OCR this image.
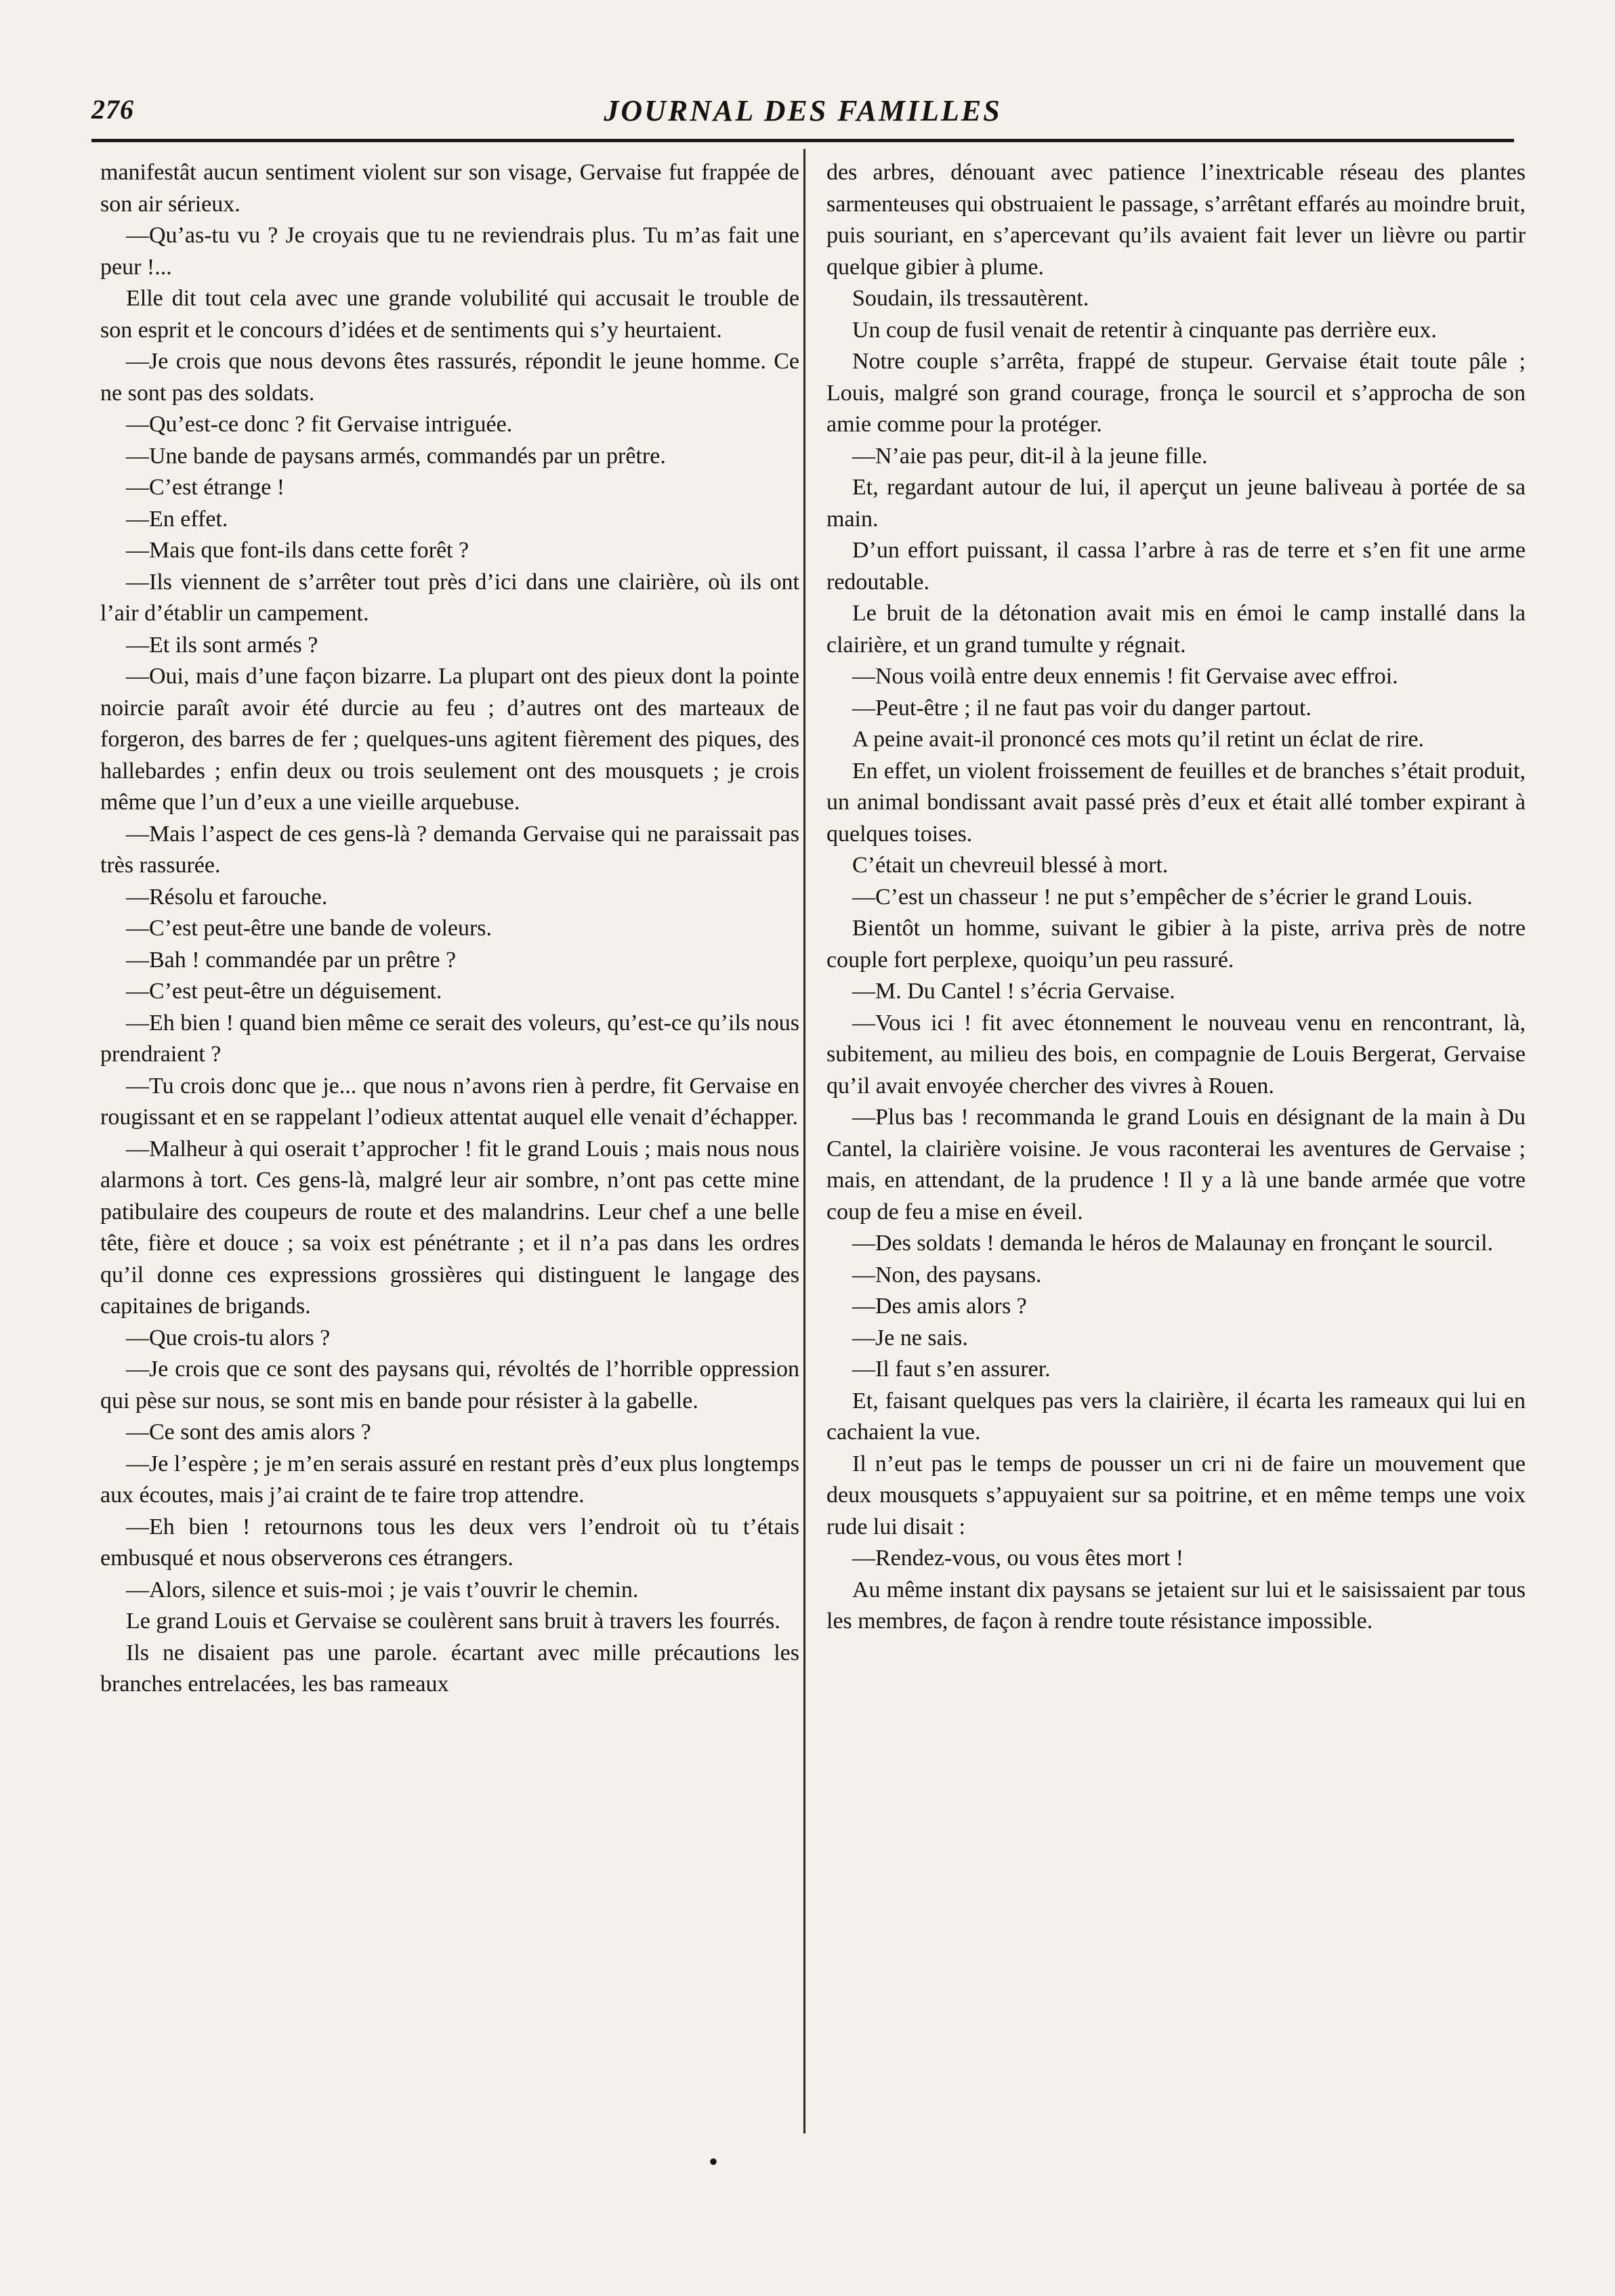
276	JOURNAL DES FAMILLES

manifestât aucun sentiment violent sur son visage, Gervaise fut frappée de son air sérieux.

—Qu’as-tu vu ? Je croyais que tu ne reviendrais plus. Tu m’as fait une peur !...

Elle dit tout cela avec une grande volubilité qui accusait le trouble de son esprit et le concours d’idées et de sentiments qui s’y heurtaient.

—Je crois que nous devons êtes rassurés, répondit le jeune homme. Ce ne sont pas des soldats.

—Qu’est-ce donc ? fit Gervaise intriguée.

—Une bande de paysans armés, commandés par un prêtre.

—C’est étrange !

—En effet.

—Mais que font-ils dans cette forêt ?

—Ils viennent de s’arrêter tout près d’ici dans une clairière, où ils ont l’air d’établir un campement.

—Et ils sont armés ?

—Oui, mais d’une façon bizarre. La plupart ont des pieux dont la pointe noircie paraît avoir été durcie au feu ; d’autres ont des marteaux de forgeron, des barres de fer ; quelques-uns agitent fièrement des piques, des hallebardes ; enfin deux ou trois seulement ont des mousquets ; je crois même que l’un d’eux a une vieille arquebuse.

—Mais l’aspect de ces gens-là ? demanda Gervaise qui ne paraissait pas très rassurée.

—Résolu et farouche.

—C’est peut-être une bande de voleurs.

—Bah ! commandée par un prêtre ?

—C’est peut-être un déguisement.

—Eh bien ! quand bien même ce serait des voleurs, qu’est-ce qu’ils nous prendraient ?

—Tu crois donc que je... que nous n’avons rien à perdre, fit Gervaise en rougissant et en se rappelant l’odieux attentat auquel elle venait d’échapper.

—Malheur à qui oserait t’approcher ! fit le grand Louis ; mais nous nous alarmons à tort. Ces gens-là, malgré leur air sombre, n’ont pas cette mine patibulaire des coupeurs de route et des malandrins. Leur chef a une belle tête, fière et douce ; sa voix est pénétrante ; et il n’a pas dans les ordres qu’il donne ces expressions grossières qui distinguent le langage des capitaines de brigands.

—Que crois-tu alors ?

—Je crois que ce sont des paysans qui, révoltés de l’horrible oppression qui pèse sur nous, se sont mis en bande pour résister à la gabelle.

—Ce sont des amis alors ?

—Je l’espère ; je m’en serais assuré en restant près d’eux plus longtemps aux écoutes, mais j’ai craint de te faire trop attendre.

—Eh bien ! retournons tous les deux vers l’endroit où tu t’étais embusqué et nous observerons ces étrangers.

—Alors, silence et suis-moi ; je vais t’ouvrir le chemin.

Le grand Louis et Gervaise se coulèrent sans bruit à travers les fourrés.

Ils ne disaient pas une parole. écartant avec mille précautions les branches entrelacées, les bas rameaux

des arbres, dénouant avec patience l’inextricable réseau des plantes sarmenteuses qui obstruaient le passage, s’arrêtant effarés au moindre bruit, puis souriant, en s’apercevant qu’ils avaient fait lever un lièvre ou partir quelque gibier à plume.

Soudain, ils tressautèrent.

Un coup de fusil venait de retentir à cinquante pas derrière eux.

Notre couple s’arrêta, frappé de stupeur. Gervaise était toute pâle ; Louis, malgré son grand courage, fronça le sourcil et s’approcha de son amie comme pour la protéger.

—N’aie pas peur, dit-il à la jeune fille.

Et, regardant autour de lui, il aperçut un jeune baliveau à portée de sa main.

D’un effort puissant, il cassa l’arbre à ras de terre et s’en fit une arme redoutable.

Le bruit de la détonation avait mis en émoi le camp installé dans la clairière, et un grand tumulte y régnait.

—Nous voilà entre deux ennemis ! fit Gervaise avec effroi.

—Peut-être ; il ne faut pas voir du danger partout.

A peine avait-il prononcé ces mots qu’il retint un éclat de rire.

En effet, un violent froissement de feuilles et de branches s’était produit, un animal bondissant avait passé près d’eux et était allé tomber expirant à quelques toises.

C’était un chevreuil blessé à mort.

—C’est un chasseur ! ne put s’empêcher de s’écrier le grand Louis.

Bientôt un homme, suivant le gibier à la piste, arriva près de notre couple fort perplexe, quoiqu’un peu rassuré.

—M. Du Cantel ! s’écria Gervaise.

—Vous ici ! fit avec étonnement le nouveau venu en rencontrant, là, subitement, au milieu des bois, en compagnie de Louis Bergerat, Gervaise qu’il avait envoyée chercher des vivres à Rouen.

—Plus bas ! recommanda le grand Louis en désignant de la main à Du Cantel, la clairière voisine. Je vous raconterai les aventures de Gervaise ; mais, en attendant, de la prudence ! Il y a là une bande armée que votre coup de feu a mise en éveil.

—Des soldats ! demanda le héros de Malaunay en fronçant le sourcil.

—Non, des paysans.

—Des amis alors ?

—Je ne sais.

—Il faut s’en assurer.

Et, faisant quelques pas vers la clairière, il écarta les rameaux qui lui en cachaient la vue.

Il n’eut pas le temps de pousser un cri ni de faire un mouvement que deux mousquets s’appuyaient sur sa poitrine, et en même temps une voix rude lui disait :

—Rendez-vous, ou vous êtes mort !

Au même instant dix paysans se jetaient sur lui et le saisissaient par tous les membres, de façon à rendre toute résistance impossible.

•
